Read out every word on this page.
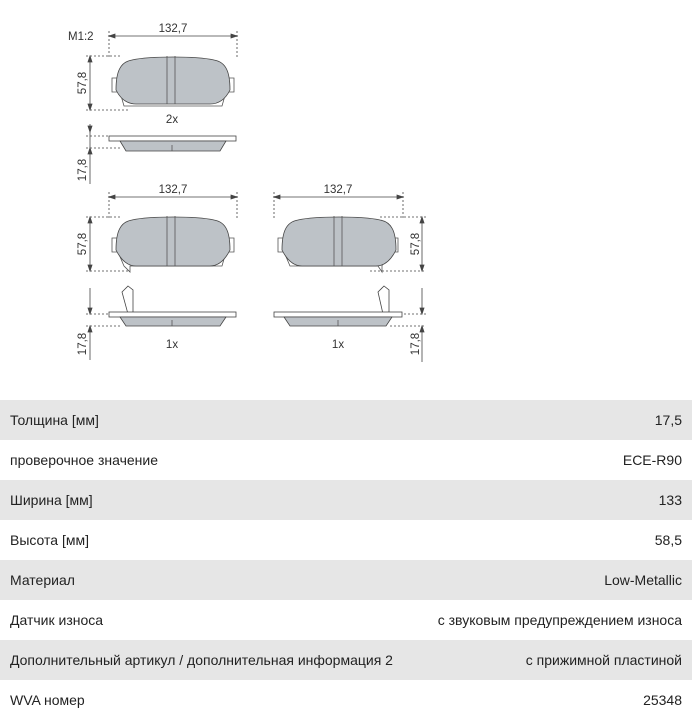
M1:2
132,7
57,8
2x
17,8
132,7
57,8
17,8	1x
132,7
57,8
17,8
1x
Толщина [мм]	17,5
проверочное значение	ECE-R90
Ширина [мм]	133
Высота [мм]	58,5
Материал	Low-Metallic
Датчик износа	с звуковым предупреждением износа
Дополнительный артикул / дополнительная информация 2	с прижимной пластиной
WVA номер	25348
